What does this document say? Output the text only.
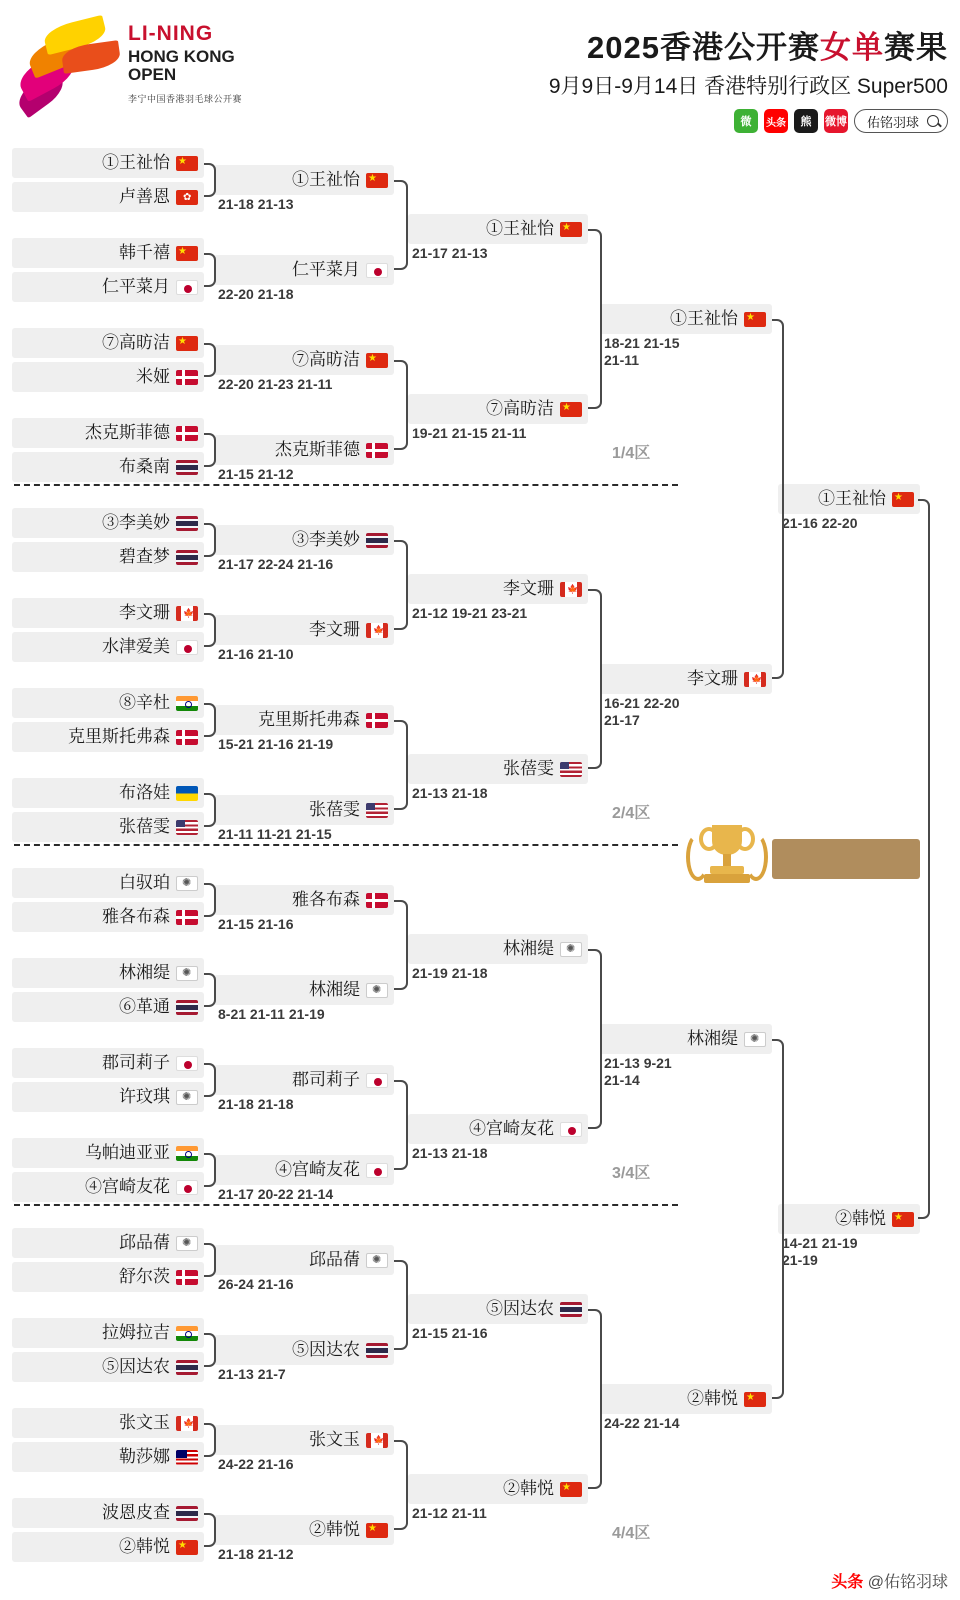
LI-NING
HONG KONG
OPEN
李宁中国香港羽毛球公开赛
2025香港公开赛女单赛果
9月9日-9月14日 香港特别行政区 Super500
微	头条	熊	微博 佑铭羽球
①王祉怡
★
卢善恩
✿
韩千禧
★
仁平菜月
⑦高昉洁
★
米娅
杰克斯菲德
布桑南
③李美妙
碧查梦
李文珊
🍁
水津爱美
⑧辛杜
克里斯托弗森
布洛娃
张蓓雯
白驭珀
✺
雅各布森
林湘缇
✺
⑥革通
郡司莉子
许玟琪
✺
乌帕迪亚亚
④宫崎友花
邱品蒨
✺
舒尔茨
拉姆拉吉
⑤因达农
张文玉
🍁
勒莎娜
波恩皮查
②韩悦
★
①王祉怡
★
21-18 21-13
仁平菜月
22-20 21-18
⑦高昉洁
★
22-20 21-23 21-11
杰克斯菲德
21-15 21-12
③李美妙
21-17 22-24 21-16
李文珊
🍁
21-16 21-10
克里斯托弗森
15-21 21-16 21-19
张蓓雯
21-11 11-21 21-15
雅各布森
21-15 21-16
林湘缇
✺
8-21 21-11 21-19
郡司莉子
21-18 21-18
④宫崎友花
21-17 20-22 21-14
邱品蒨
✺
26-24 21-16
⑤因达农
21-13 21-7
张文玉
🍁
24-22 21-16
②韩悦
★
21-18 21-12
①王祉怡
★
21-17 21-13
⑦高昉洁
★
19-21 21-15 21-11
李文珊
🍁
21-12 19-21 23-21
张蓓雯
21-13 21-18
林湘缇
✺
21-19 21-18
④宫崎友花
21-13 21-18
⑤因达农
21-15 21-16
②韩悦
★
21-12 21-11
①王祉怡
★
18-21 21-15
21-11
李文珊
🍁
16-21 22-20
21-17
林湘缇
✺
21-13 9-21
21-14
②韩悦
★
24-22 21-14
①王祉怡
★
21-16 22-20
②韩悦
★
14-21 21-19
21-19
1/4区
2/4区
3/4区
4/4区
头条 @佑铭羽球
